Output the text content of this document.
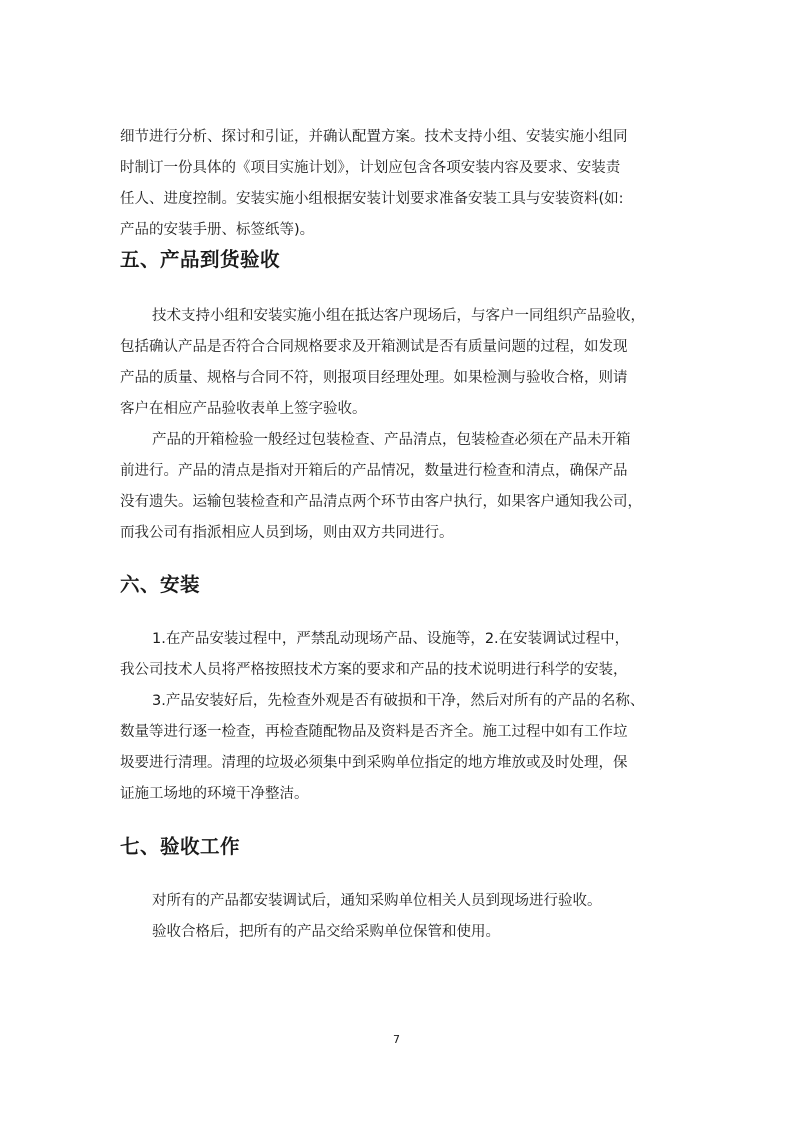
细节进行分析、探讨和引证，并确认配置方案。技术支持小组、安装实施小组同
时制订一份具体的《项目实施计划》，计划应包含各项安装内容及要求、安装责
任人、进度控制。安装实施小组根据安装计划要求准备安装工具与安装资料(如:
产品的安装手册、标签纸等)。

五、产品到货验收

技术支持小组和安装实施小组在抵达客户现场后，与客户一同组织产品验收，
包括确认产品是否符合合同规格要求及开箱测试是否有质量问题的过程，如发现
产品的质量、规格与合同不符，则报项目经理处理。如果检测与验收合格，则请
客户在相应产品验收表单上签字验收。

产品的开箱检验一般经过包装检查、产品清点，包装检查必须在产品未开箱
前进行。产品的清点是指对开箱后的产品情况，数量进行检查和清点，确保产品
没有遗失。运输包装检查和产品清点两个环节由客户执行，如果客户通知我公司，
而我公司有指派相应人员到场，则由双方共同进行。

六、安装

1.在产品安装过程中，严禁乱动现场产品、设施等，2.在安装调试过程中，
我公司技术人员将严格按照技术方案的要求和产品的技术说明进行科学的安装，

3.产品安装好后，先检查外观是否有破损和干净，然后对所有的产品的名称、
数量等进行逐一检查，再检查随配物品及资料是否齐全。施工过程中如有工作垃
圾要进行清理。清理的垃圾必须集中到采购单位指定的地方堆放或及时处理，保
证施工场地的环境干净整洁。

七、验收工作

对所有的产品都安装调试后，通知采购单位相关人员到现场进行验收。

验收合格后，把所有的产品交给采购单位保管和使用。

7
